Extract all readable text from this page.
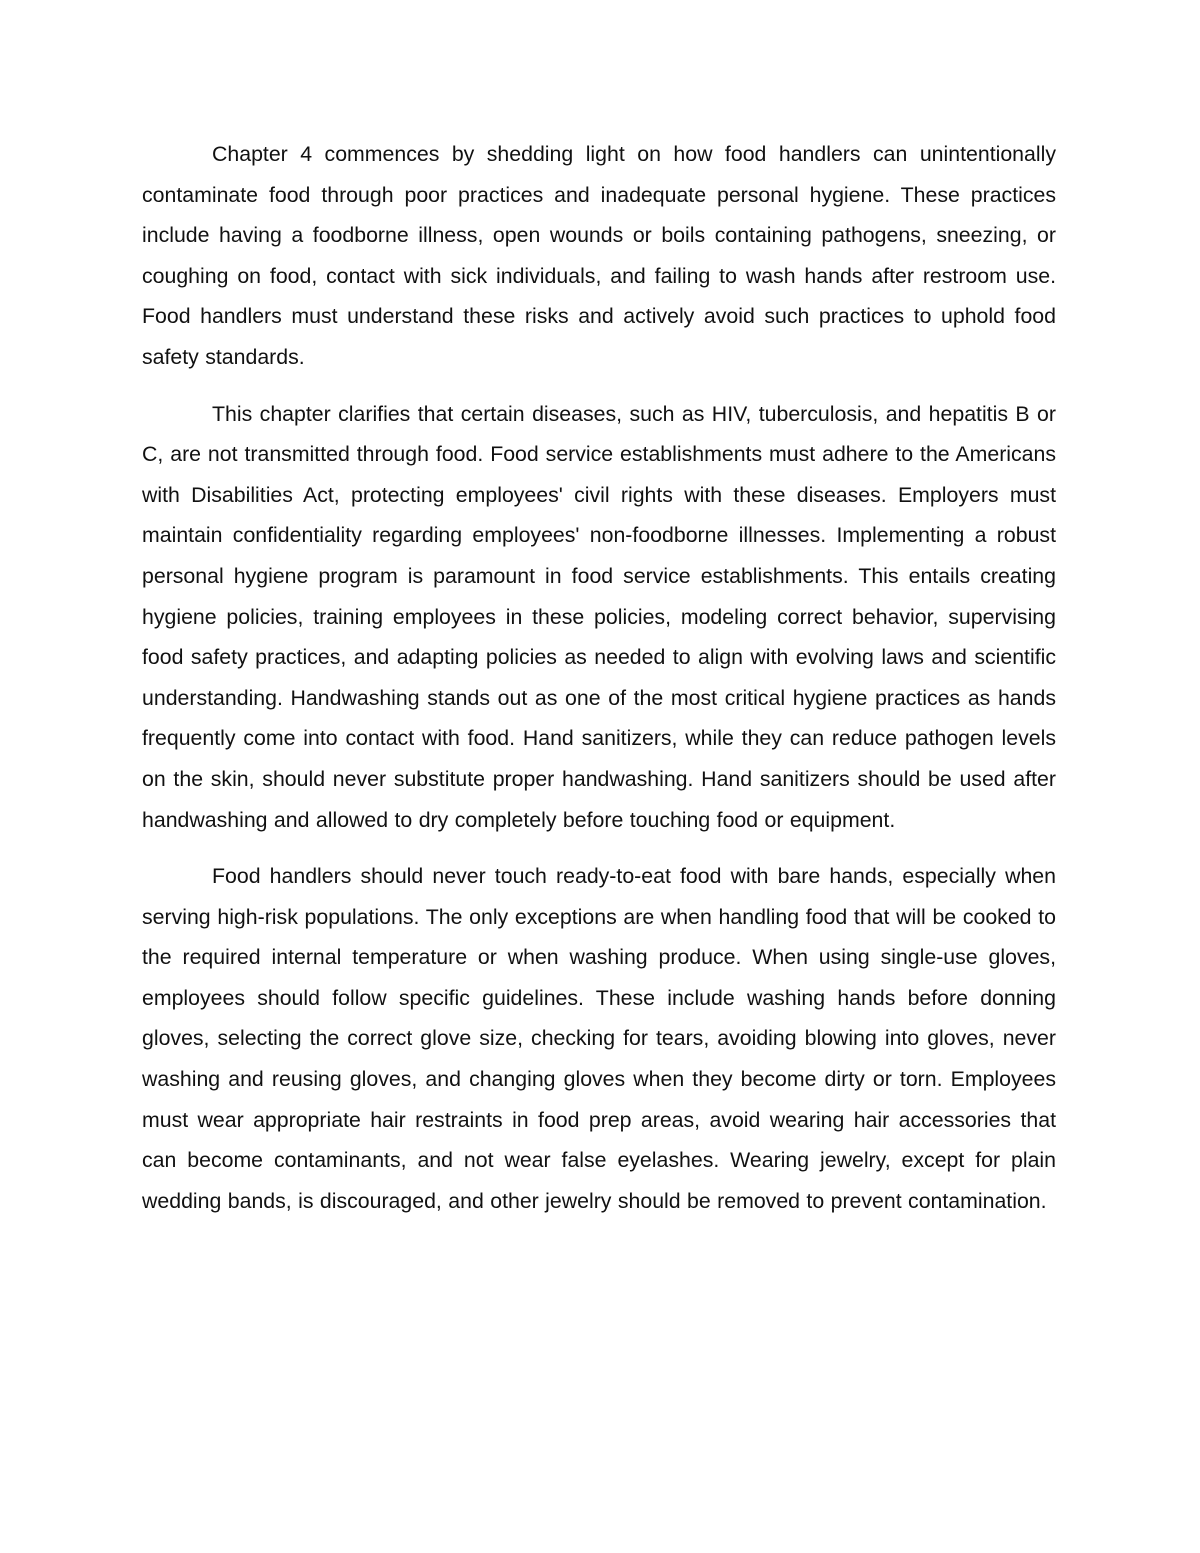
Chapter 4 commences by shedding light on how food handlers can unintentionally contaminate food through poor practices and inadequate personal hygiene. These practices include having a foodborne illness, open wounds or boils containing pathogens, sneezing, or coughing on food, contact with sick individuals, and failing to wash hands after restroom use. Food handlers must understand these risks and actively avoid such practices to uphold food safety standards.

This chapter clarifies that certain diseases, such as HIV, tuberculosis, and hepatitis B or C, are not transmitted through food. Food service establishments must adhere to the Americans with Disabilities Act, protecting employees' civil rights with these diseases. Employers must maintain confidentiality regarding employees' non-foodborne illnesses. Implementing a robust personal hygiene program is paramount in food service establishments. This entails creating hygiene policies, training employees in these policies, modeling correct behavior, supervising food safety practices, and adapting policies as needed to align with evolving laws and scientific understanding. Handwashing stands out as one of the most critical hygiene practices as hands frequently come into contact with food. Hand sanitizers, while they can reduce pathogen levels on the skin, should never substitute proper handwashing. Hand sanitizers should be used after handwashing and allowed to dry completely before touching food or equipment.

Food handlers should never touch ready-to-eat food with bare hands, especially when serving high-risk populations. The only exceptions are when handling food that will be cooked to the required internal temperature or when washing produce. When using single-use gloves, employees should follow specific guidelines. These include washing hands before donning gloves, selecting the correct glove size, checking for tears, avoiding blowing into gloves, never washing and reusing gloves, and changing gloves when they become dirty or torn. Employees must wear appropriate hair restraints in food prep areas, avoid wearing hair accessories that can become contaminants, and not wear false eyelashes. Wearing jewelry, except for plain wedding bands, is discouraged, and other jewelry should be removed to prevent contamination.
